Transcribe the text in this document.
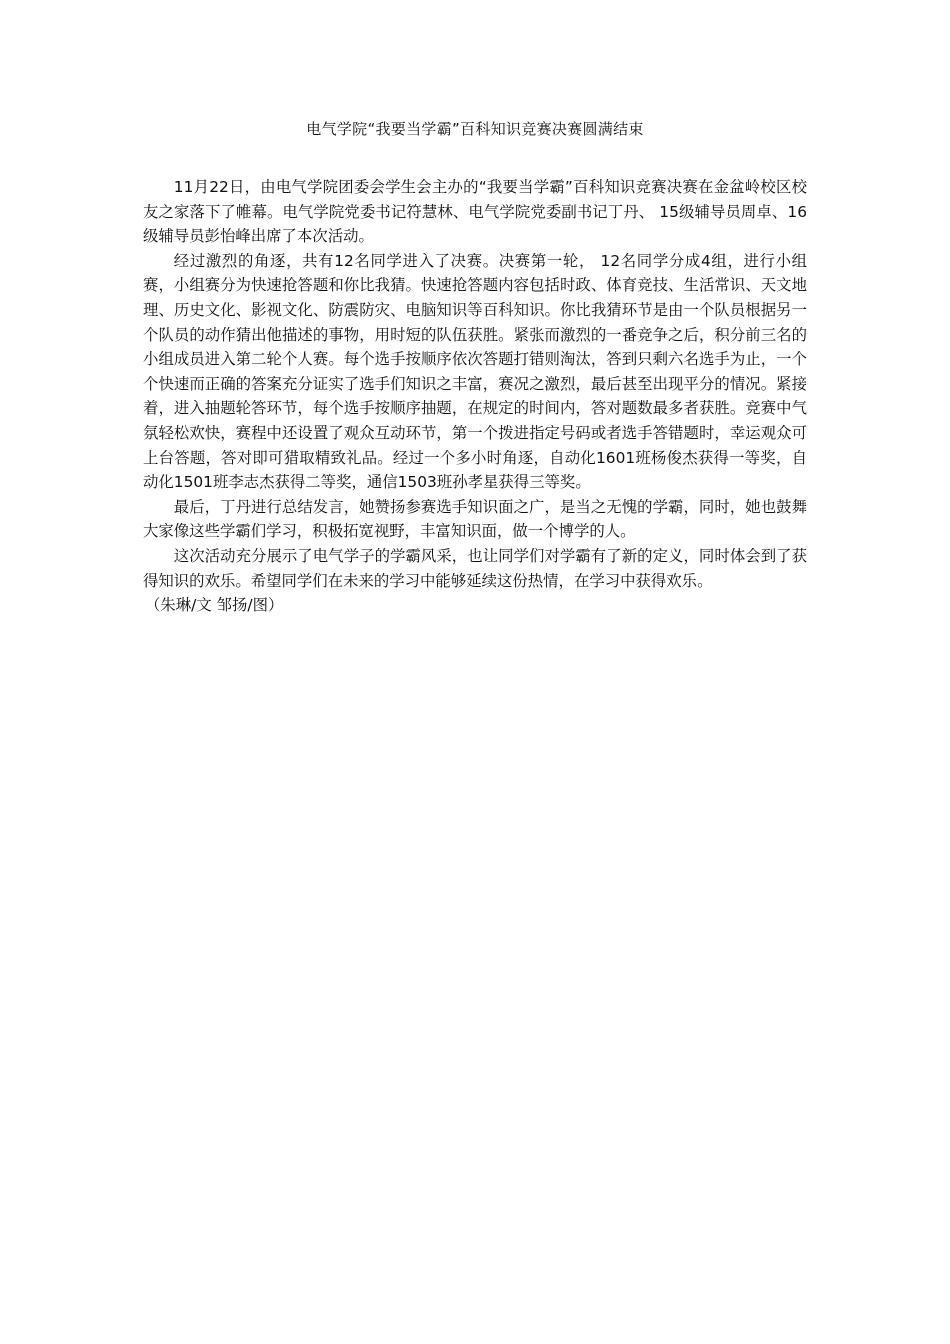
电气学院“我要当学霸”百科知识竞赛决赛圆满结束

11月22日，由电气学院团委会学生会主办的“我要当学霸”百科知识竞赛决赛在金盆岭校区校友之家落下了帷幕。电气学院党委书记符慧林、电气学院党委副书记丁丹、 15级辅导员周卓、16级辅导员彭怡峰出席了本次活动。

经过激烈的角逐，共有12名同学进入了决赛。决赛第一轮， 12名同学分成4组，进行小组赛，小组赛分为快速抢答题和你比我猜。快速抢答题内容包括时政、体育竞技、生活常识、天文地理、历史文化、影视文化、防震防灾、电脑知识等百科知识。你比我猜环节是由一个队员根据另一个队员的动作猜出他描述的事物，用时短的队伍获胜。紧张而激烈的一番竞争之后，积分前三名的小组成员进入第二轮个人赛。每个选手按顺序依次答题打错则淘汰，答到只剩六名选手为止，一个个快速而正确的答案充分证实了选手们知识之丰富，赛况之激烈，最后甚至出现平分的情况。紧接着，进入抽题轮答环节，每个选手按顺序抽题，在规定的时间内，答对题数最多者获胜。竞赛中气氛轻松欢快，赛程中还设置了观众互动环节，第一个拨进指定号码或者选手答错题时，幸运观众可上台答题，答对即可猎取精致礼品。经过一个多小时角逐，自动化1601班杨俊杰获得一等奖，自动化1501班李志杰获得二等奖，通信1503班孙孝星获得三等奖。

最后，丁丹进行总结发言，她赞扬参赛选手知识面之广，是当之无愧的学霸，同时，她也鼓舞大家像这些学霸们学习，积极拓宽视野，丰富知识面，做一个博学的人。

这次活动充分展示了电气学子的学霸风采，也让同学们对学霸有了新的定义，同时体会到了获得知识的欢乐。希望同学们在未来的学习中能够延续这份热情，在学习中获得欢乐。

（朱琳/文 邹扬/图）
